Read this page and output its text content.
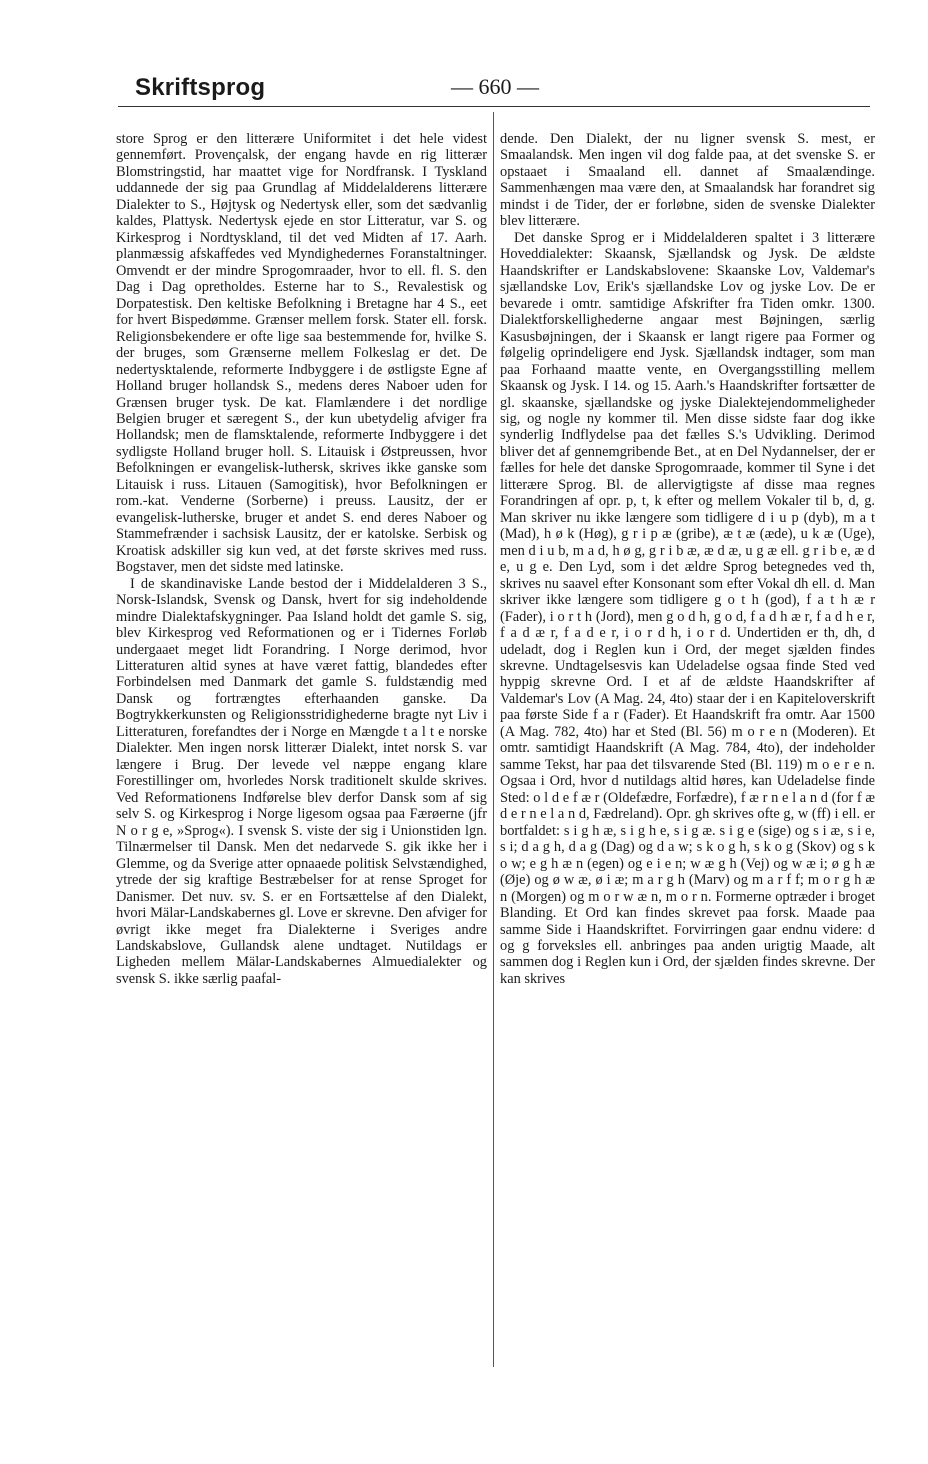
Skriftsprog	— 660 —

store Sprog er den litterære Uniformitet i det hele videst gennemført. Provençalsk, der engang havde en rig litterær Blomstringstid, har maattet vige for Nordfransk. I Tyskland uddannede der sig paa Grundlag af Middelalderens litterære Dialekter to S., Højtysk og Nedertysk eller, som det sædvanlig kaldes, Plattysk. Nedertysk ejede en stor Litteratur, var S. og Kirkesprog i Nordtyskland, til det ved Midten af 17. Aarh. planmæssig afskaffedes ved Myndighedernes Foranstaltninger. Omvendt er der mindre Sprogomraader, hvor to ell. fl. S. den Dag i Dag opretholdes. Esterne har to S., Revalestisk og Dorpatestisk. Den keltiske Befolkning i Bretagne har 4 S., eet for hvert Bispedømme. Grænser mellem forsk. Stater ell. forsk. Religionsbekendere er ofte lige saa bestemmende for, hvilke S. der bruges, som Grænserne mellem Folkeslag er det. De nedertysktalende, reformerte Indbyggere i de østligste Egne af Holland bruger hollandsk S., medens deres Naboer uden for Grænsen bruger tysk. De kat. Flamlændere i det nordlige Belgien bruger et særegent S., der kun ubetydelig afviger fra Hollandsk; men de flamsktalende, reformerte Indbyggere i det sydligste Holland bruger holl. S. Litauisk i Østpreussen, hvor Befolkningen er evangelisk-luthersk, skrives ikke ganske som Litauisk i russ. Litauen (Samogitisk), hvor Befolkningen er rom.-kat. Venderne (Sorberne) i preuss. Lausitz, der er evangelisk-lutherske, bruger et andet S. end deres Naboer og Stammefrænder i sachsisk Lausitz, der er katolske. Serbisk og Kroatisk adskiller sig kun ved, at det første skrives med russ. Bogstaver, men det sidste med latinske.

I de skandinaviske Lande bestod der i Middelalderen 3 S., Norsk-Islandsk, Svensk og Dansk, hvert for sig indeholdende mindre Dialektafskygninger. Paa Island holdt det gamle S. sig, blev Kirkesprog ved Reformationen og er i Tidernes Forløb undergaaet meget lidt Forandring. I Norge derimod, hvor Litteraturen altid synes at have været fattig, blandedes efter Forbindelsen med Danmark det gamle S. fuldstændig med Dansk og fortrængtes efterhaanden ganske. Da Bogtrykkerkunsten og Religionsstridighederne bragte nyt Liv i Litteraturen, forefandtes der i Norge en Mængde t a l t e norske Dialekter. Men ingen norsk litterær Dialekt, intet norsk S. var længere i Brug. Der levede vel næppe engang klare Forestillinger om, hvorledes Norsk traditionelt skulde skrives. Ved Reformationens Indførelse blev derfor Dansk som af sig selv S. og Kirkesprog i Norge ligesom ogsaa paa Færøerne (jfr N o r g e, »Sprog«). I svensk S. viste der sig i Unionstiden lgn. Tilnærmelser til Dansk. Men det nedarvede S. gik ikke her i Glemme, og da Sverige atter opnaaede politisk Selvstændighed, ytrede der sig kraftige Bestræbelser for at rense Sproget for Danismer. Det nuv. sv. S. er en Fortsættelse af den Dialekt, hvori Mälar-Landskabernes gl. Love er skrevne. Den afviger for øvrigt ikke meget fra Dialekterne i Sveriges andre Landskabslove, Gullandsk alene undtaget. Nutildags er Ligheden mellem Mälar-Landskabernes Almuedialekter og svensk S. ikke særlig paafal-

dende. Den Dialekt, der nu ligner svensk S. mest, er Smaalandsk. Men ingen vil dog falde paa, at det svenske S. er opstaaet i Smaaland ell. dannet af Smaalændinge. Sammenhængen maa være den, at Smaalandsk har forandret sig mindst i de Tider, der er forløbne, siden de svenske Dialekter blev litterære.

Det danske Sprog er i Middelalderen spaltet i 3 litterære Hoveddialekter: Skaansk, Sjællandsk og Jysk. De ældste Haandskrifter er Landskabslovene: Skaanske Lov, Valdemar's sjællandske Lov, Erik's sjællandske Lov og jyske Lov. De er bevarede i omtr. samtidige Afskrifter fra Tiden omkr. 1300. Dialektforskellighederne angaar mest Bøjningen, særlig Kasusbøjningen, der i Skaansk er langt rigere paa Former og følgelig oprindeligere end Jysk. Sjællandsk indtager, som man paa Forhaand maatte vente, en Overgangsstilling mellem Skaansk og Jysk. I 14. og 15. Aarh.'s Haandskrifter fortsætter de gl. skaanske, sjællandske og jyske Dialektejendommeligheder sig, og nogle ny kommer til. Men disse sidste faar dog ikke synderlig Indflydelse paa det fælles S.'s Udvikling. Derimod bliver det af gennemgribende Bet., at en Del Nydannelser, der er fælles for hele det danske Sprogomraade, kommer til Syne i det litterære Sprog. Bl. de allervigtigste af disse maa regnes Forandringen af opr. p, t, k efter og mellem Vokaler til b, d, g. Man skriver nu ikke længere som tidligere d i u p (dyb), m a t (Mad), h ø k (Høg), g r i p æ (gribe), æ t æ (æde), u k æ (Uge), men d i u b, m a d, h ø g, g r i b æ, æ d æ, u g æ ell. g r i b e, æ d e, u g e. Den Lyd, som i det ældre Sprog betegnedes ved th, skrives nu saavel efter Konsonant som efter Vokal dh ell. d. Man skriver ikke længere som tidligere g o t h (god), f a t h æ r (Fader), i o r t h (Jord), men g o d h, g o d, f a d h æ r, f a d h e r, f a d æ r, f a d e r, i o r d h, i o r d. Undertiden er th, dh, d udeladt, dog i Reglen kun i Ord, der meget sjælden findes skrevne. Undtagelsesvis kan Udeladelse ogsaa finde Sted ved hyppig skrevne Ord. I et af de ældste Haandskrifter af Valdemar's Lov (A Mag. 24, 4to) staar der i en Kapiteloverskrift paa første Side f a r (Fader). Et Haandskrift fra omtr. Aar 1500 (A Mag. 782, 4to) har et Sted (Bl. 56) m o r e n (Moderen). Et omtr. samtidigt Haandskrift (A Mag. 784, 4to), der indeholder samme Tekst, har paa det tilsvarende Sted (Bl. 119) m o e r e n. Ogsaa i Ord, hvor d nutildags altid høres, kan Udeladelse finde Sted: o l d e f æ r (Oldefædre, Forfædre), f æ r n e l a n d (for f æ d e r n e l a n d, Fædreland). Opr. gh skrives ofte g, w (ff) i ell. er bortfaldet: s i g h æ, s i g h e, s i g æ. s i g e (sige) og s i æ, s i e, s i; d a g h, d a g (Dag) og d a w; s k o g h, s k o g (Skov) og s k o w; e g h æ n (egen) og e i e n; w æ g h (Vej) og w æ i; ø g h æ (Øje) og ø w æ, ø i æ; m a r g h (Marv) og m a r f f; m o r g h æ n (Morgen) og m o r w æ n, m o r n. Formerne optræder i broget Blanding. Et Ord kan findes skrevet paa forsk. Maade paa samme Side i Haandskriftet. Forvirringen gaar endnu videre: d og g forveksles ell. anbringes paa anden urigtig Maade, alt sammen dog i Reglen kun i Ord, der sjælden findes skrevne. Der kan skrives
